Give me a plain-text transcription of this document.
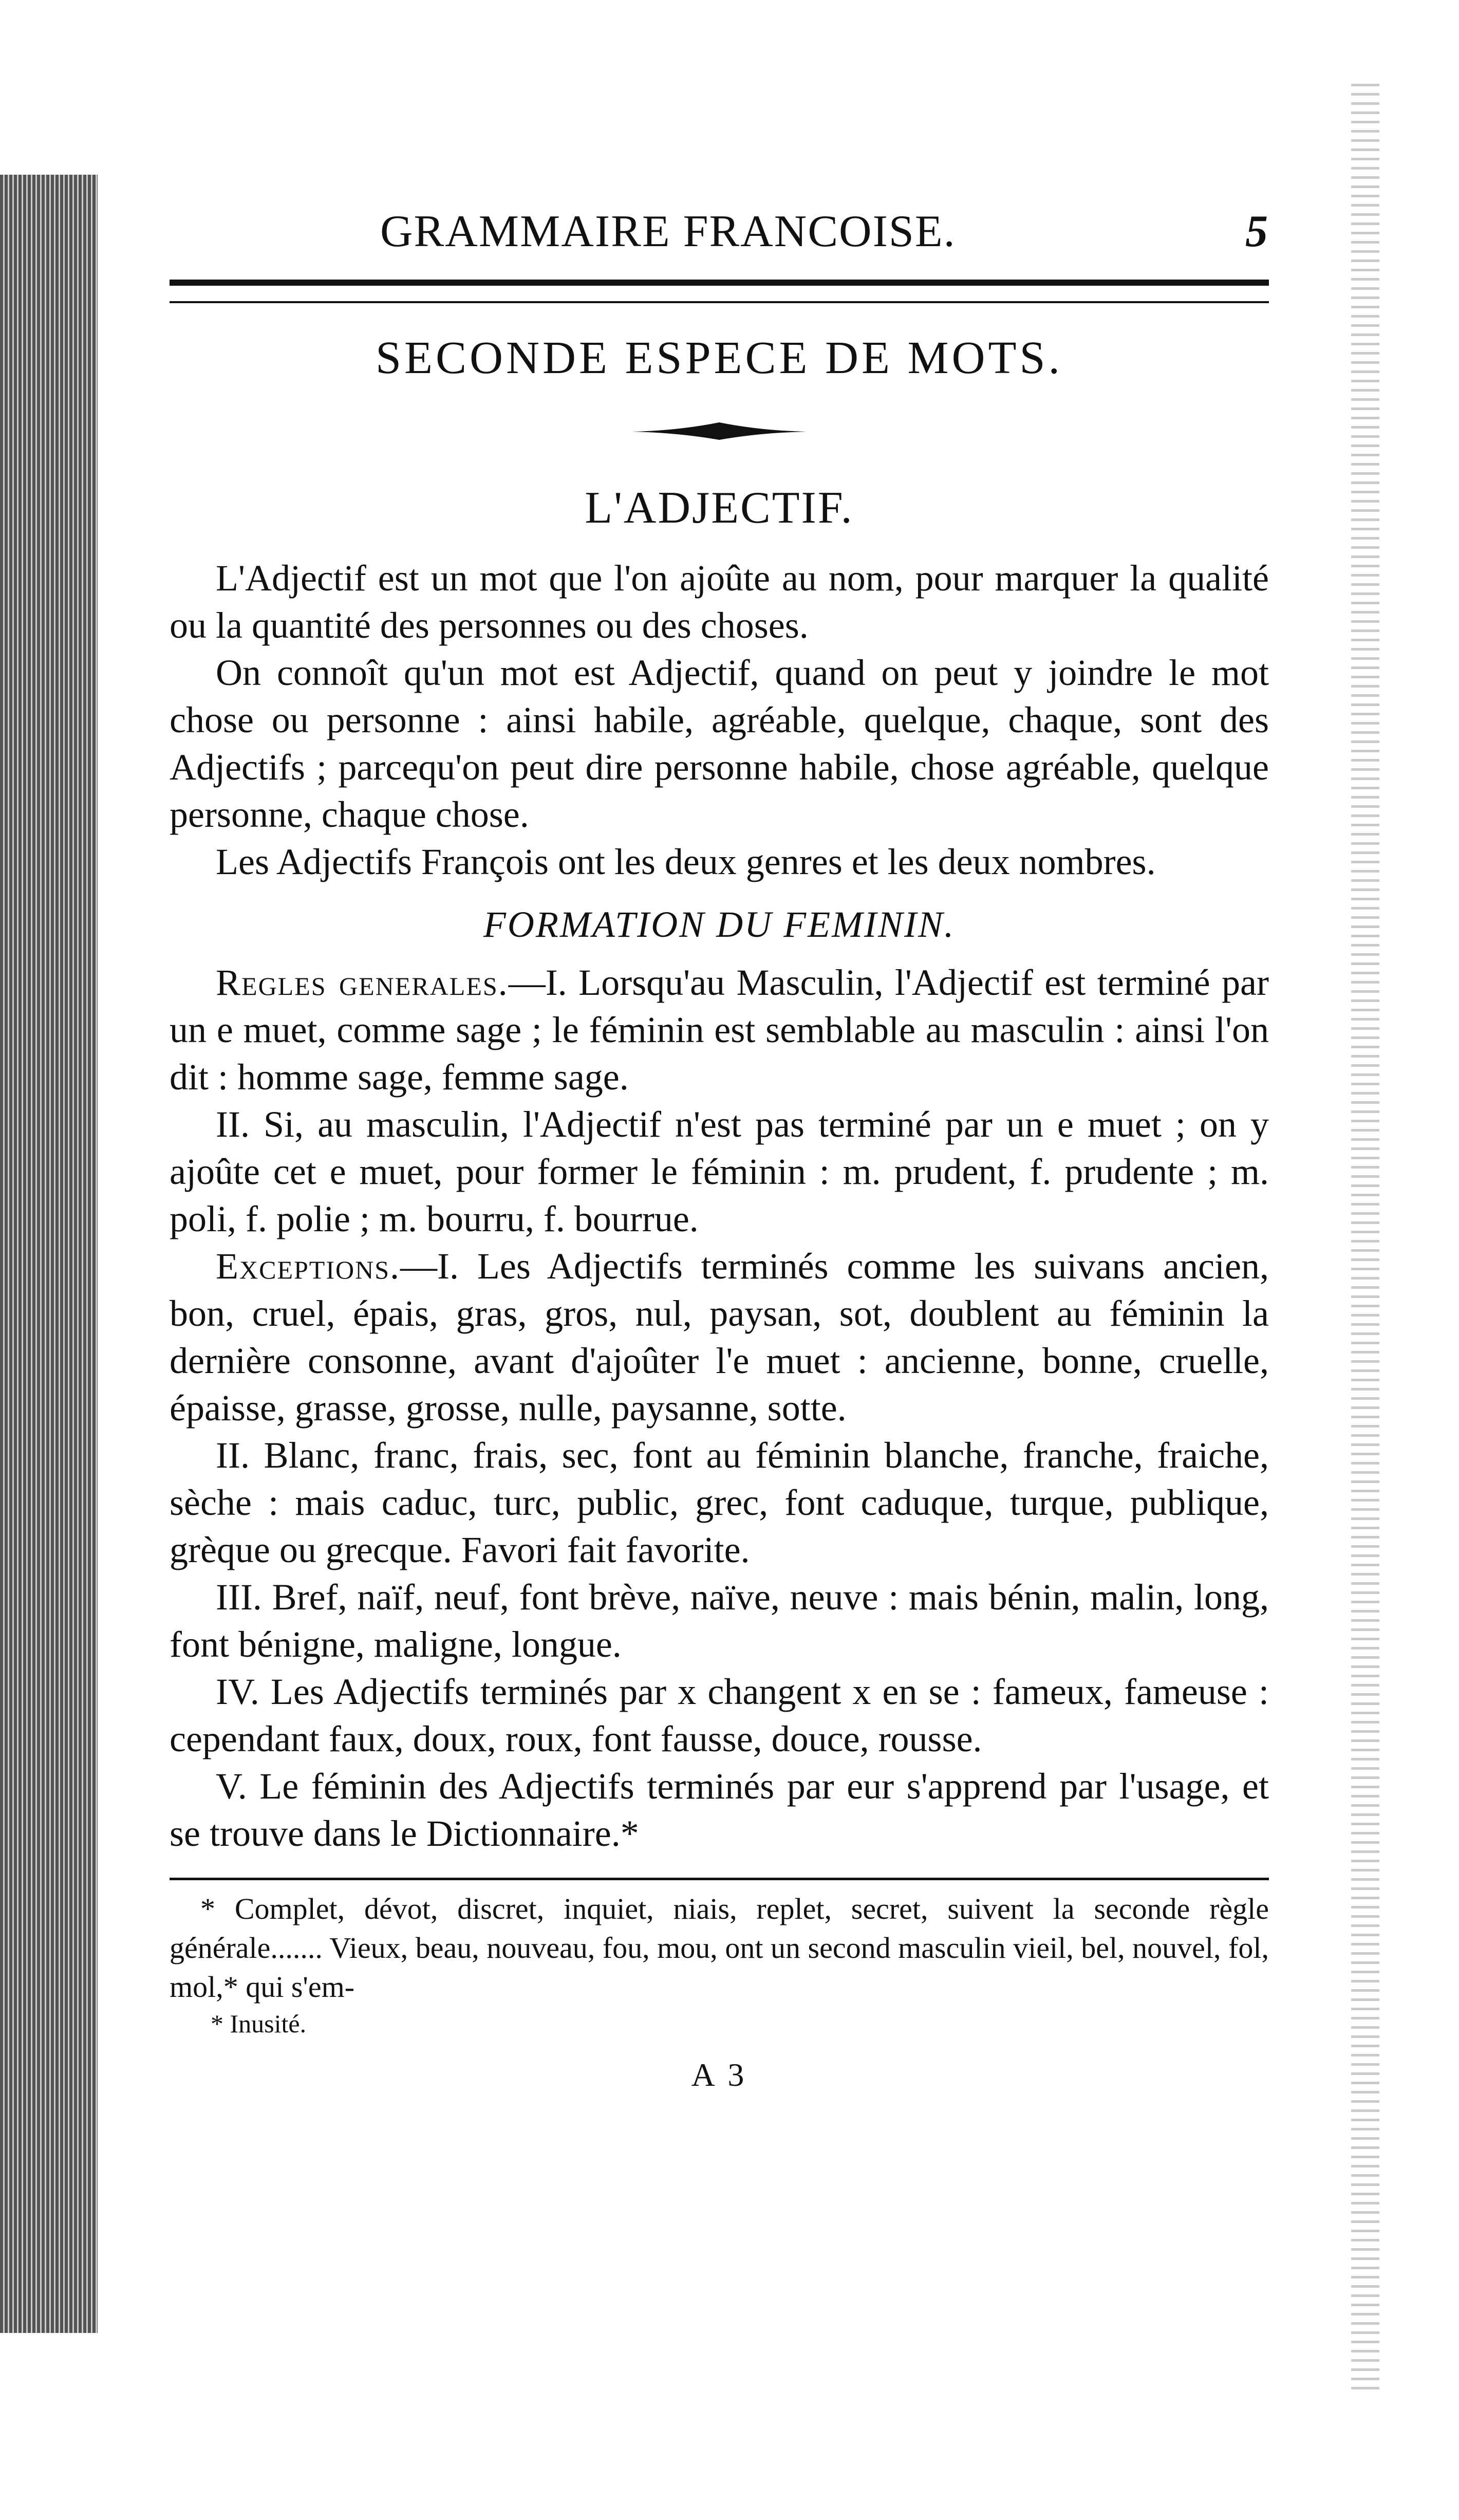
GRAMMAIRE FRANCOISE.	5
SECONDE ESPECE DE MOTS.
L'ADJECTIF.

L'Adjectif est un mot que l'on ajoûte au nom, pour marquer la qualité ou la quantité des personnes ou des choses.

On connoît qu'un mot est Adjectif, quand on peut y joindre le mot chose ou personne : ainsi habile, agréable, quelque, chaque, sont des Adjectifs ; parcequ'on peut dire personne habile, chose agréable, quelque personne, chaque chose.

Les Adjectifs François ont les deux genres et les deux nombres.

FORMATION DU FEMININ.

Regles generales.—I. Lorsqu'au Masculin, l'Adjectif est terminé par un e muet, comme sage ; le féminin est semblable au masculin : ainsi l'on dit : homme sage, femme sage.

II. Si, au masculin, l'Adjectif n'est pas terminé par un e muet ; on y ajoûte cet e muet, pour former le féminin : m. prudent, f. prudente ; m. poli, f. polie ; m. bourru, f. bourrue.

Exceptions.—I. Les Adjectifs terminés comme les suivans ancien, bon, cruel, épais, gras, gros, nul, paysan, sot, doublent au féminin la dernière consonne, avant d'ajoûter l'e muet : ancienne, bonne, cruelle, épaisse, grasse, grosse, nulle, paysanne, sotte.

II. Blanc, franc, frais, sec, font au féminin blanche, franche, fraiche, sèche : mais caduc, turc, public, grec, font caduque, turque, publique, grèque ou grecque. Favori fait favorite.

III. Bref, naïf, neuf, font brève, naïve, neuve : mais bénin, malin, long, font bénigne, maligne, longue.

IV. Les Adjectifs terminés par x changent x en se : fameux, fameuse : cependant faux, doux, roux, font fausse, douce, rousse.

V. Le féminin des Adjectifs terminés par eur s'apprend par l'usage, et se trouve dans le Dictionnaire.*

* Complet, dévot, discret, inquiet, niais, replet, secret, suivent la seconde règle générale....... Vieux, beau, nouveau, fou, mou, ont un second masculin vieil, bel, nouvel, fol, mol,* qui s'em-

* Inusité.

A 3
